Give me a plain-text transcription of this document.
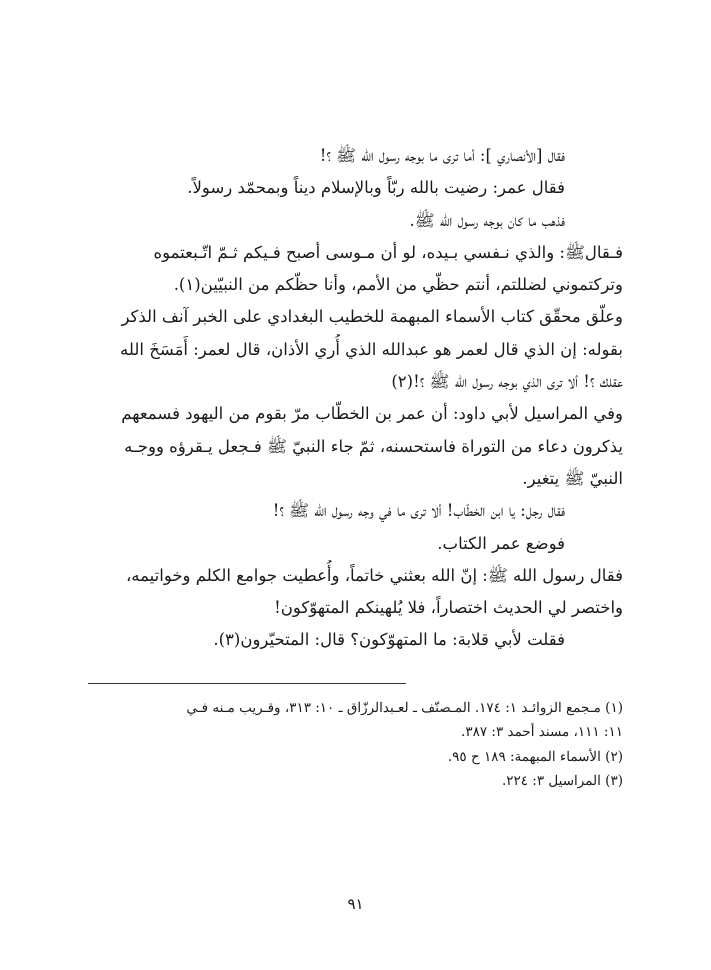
فقال [الأنصاري ]: أما ترى ما بوجه رسول الله ﷺ ؟!
فقال عمر: رضيت بالله ربّاً وبالإسلام ديناً وبمحمّد رسولاً.
فذهب ما كان بوجه رسول الله ﷺ.
فـقالﷺ: والذي نـفسي بـيده، لو أن مـوسى أصبح فـيكم ثـمّ اتّـبعتموه
وتركتموني لضللتم، أنتم حظّي من الأمم، وأنا حظّكم من النبيّين(١).
وعلّق محقّق كتاب الأسماء المبهمة للخطيب البغدادي على الخبر آنف الذكر
بقوله: إن الذي قال لعمر هو عبدالله الذي أُري الأذان، قال لعمر: أَمَسَخَ الله
عقلك ؟! ألا ترى الذي بوجه رسول الله ﷺ ؟!(٢)
وفي المراسيل لأبي داود: أن عمر بن الخطّاب مرّ بقوم من اليهود فسمعهم
يذكرون دعاء من التوراة فاستحسنه، ثمّ جاء النبيّ ﷺ فـجعل يـقرؤه ووجـه
النبيّ ﷺ يتغير.
فقال رجل: يا ابن الخطّاب! ألا ترى ما في وجه رسول الله ﷺ ؟!
فوضع عمر الكتاب.
فقال رسول الله ﷺ: إنّ الله بعثني خاتماً، وأُعطيت جوامع الكلم وخواتيمه،
واختصر لي الحديث اختصاراً، فلا يُلهينكم المتهوّكون!
فقلت لأبي قلابة: ما المتهوّكون؟ قال: المتحيّرون(٣).
(١) مـجمع الزوائـد ١: ١٧٤. المـصنّف ـ لعـبدالرزّاق ـ ١٠: ٣١٣، وقـريب مـنه فـي
١١: ١١١، مسند أحمد ٣: ٣٨٧.
(٢) الأسماء المبهمة: ١٨٩ ح ٩٥.
(٣) المراسيل ٣: ٢٢٤.
٩١
